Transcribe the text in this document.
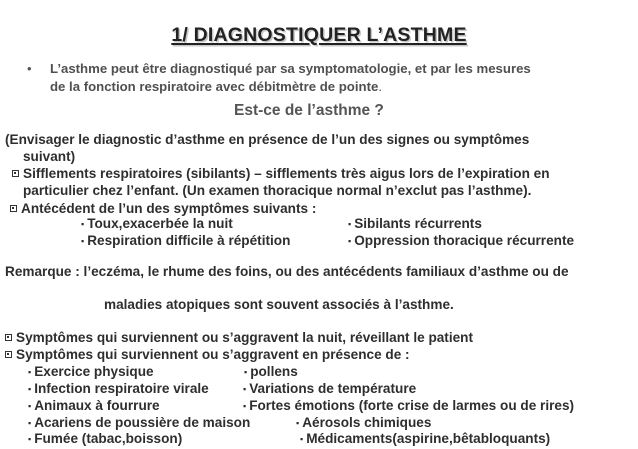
1/ DIAGNOSTIQUER L’ASTHME
• L’asthme peut être diagnostiqué par sa symptomatologie, et par les mesures
de la fonction respiratoire avec débitmètre de pointe.
Est-ce de l’asthme ?
(Envisager le diagnostic d’asthme en présence de l’un des signes ou symptômes
suivant)
Sifflements respiratoires (sibilants) – sifflements très aigus lors de l’expiration en
particulier chez l’enfant. (Un examen thoracique normal n’exclut pas l’asthme).
Antécédent de l’un des symptômes suivants :
▪ Toux,exacerbée la nuit	▪ Sibilants récurrents
▪ Respiration difficile à répétition	▪ Oppression thoracique récurrente
Remarque : l’eczéma, le rhume des foins, ou des antécédents familiaux d’asthme ou de
maladies atopiques sont souvent associés à l’asthme.
Symptômes qui surviennent ou s’aggravent la nuit, réveillant le patient
Symptômes qui surviennent ou s’aggravent en présence de :
▪ Exercice physique	▪ pollens
▪ Infection respiratoire virale	▪ Variations de température
▪ Animaux à fourrure	▪ Fortes émotions (forte crise de larmes ou de rires)
▪ Acariens de poussière de maison	▪ Aérosols chimiques
▪ Fumée (tabac,boisson)	▪ Médicaments(aspirine,bêtabloquants)
